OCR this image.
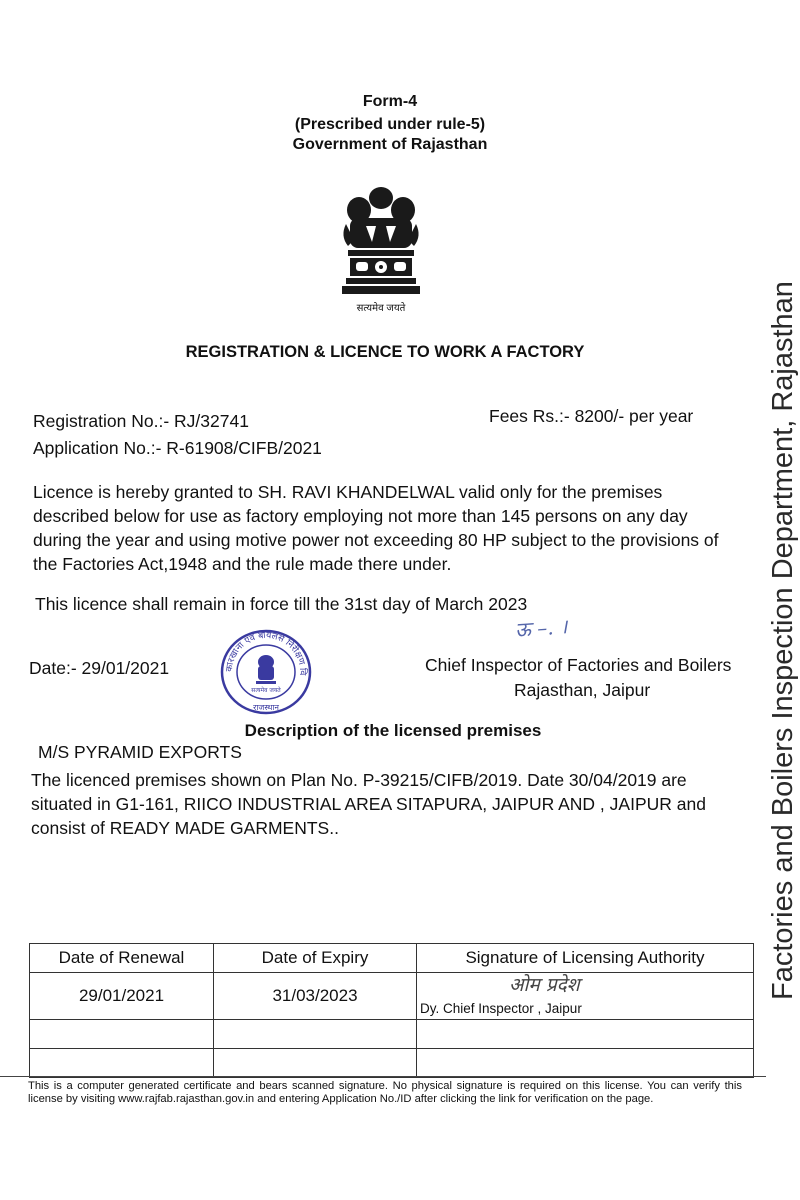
Form-4
(Prescribed under rule-5)
Government of Rajasthan
सत्यमेव जयते
REGISTRATION & LICENCE TO WORK A FACTORY
Registration No.:- RJ/32741
Application No.:- R-61908/CIFB/2021
Fees Rs.:- 8200/- per year
Licence is hereby granted to SH. RAVI KHANDELWAL valid only for the premises
described below for use as factory employing not more than 145 persons on any day
during the year and using motive power not exceeding 80 HP subject to the provisions of
the Factories Act,1948 and the rule made there under.
This licence shall remain in force till the 31st day of March 2023
Date:- 29/01/2021	कारखाना एवं बॉयलर्स निरीक्षण वि
सत्यमेव जयते
राजस्थान
ऊ –. ।
Chief Inspector of Factories and Boilers
Rajasthan, Jaipur
Description of the licensed premises
M/S PYRAMID EXPORTS
The licenced premises shown on Plan No. P-39215/CIFB/2019. Date 30/04/2019 are
situated in G1-161, RIICO INDUSTRIAL AREA SITAPURA, JAIPUR AND , JAIPUR and
consist of READY MADE GARMENTS..
Date of Renewal	Date of Expiry	Signature of Licensing Authority
29/01/2021	31/03/2023	ओम प्रदेश
Dy. Chief Inspector , Jaipur

This is a computer generated certificate and bears scanned signature. No physical signature is required on this license. You can verify this license by visiting www.rajfab.rajasthan.gov.in and entering Application No./ID after clicking the link for verification on the page.
Factories and Boilers Inspection Department, Rajasthan
